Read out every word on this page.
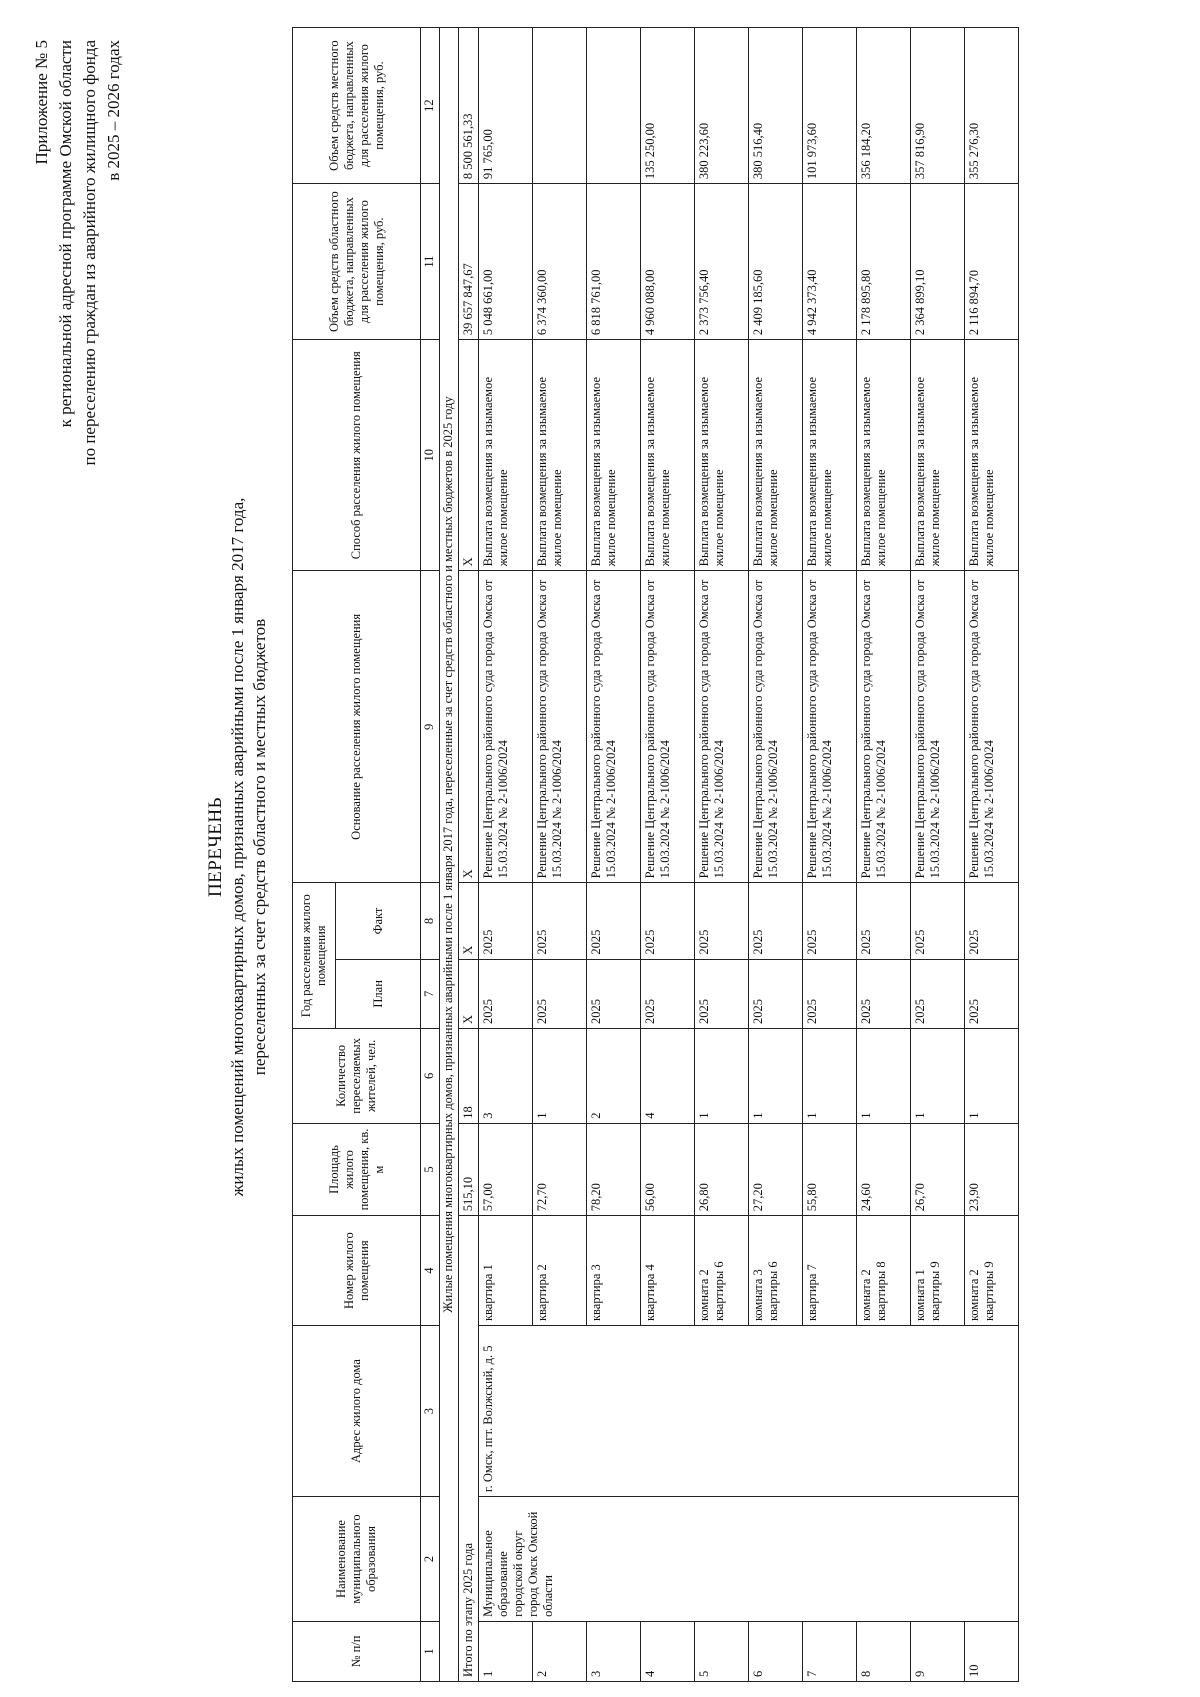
Приложение № 5 к региональной адресной программе Омской области по переселению граждан из аварийного жилищного фонда в 2025 – 2026 годах
ПЕРЕЧЕНЬ жилых помещений многоквартирных домов, признанных аварийными после 1 января 2017 года, переселенных за счет средств областного и местных бюджетов
№ п/п	Наименование муниципального образования	Адрес жилого дома	Номер жилого помещения	Площадь жилого помещения, кв. м	Количество переселяемых жителей, чел.	Год расселения жилого помещения		Основание расселения жилого помещения	Способ расселения жилого помещения	Объем средств областного бюджета, направленных для расселения жилого помещения, руб.	Объем средств местного бюджета, направленных для расселения жилого помещения, руб.
						План	Факт				
1	2	3	4	5	6	7	8	9	10	11	12
Жилые помещения многоквартирных домов, признанных аварийными после 1 января 2017 года, переселенные за счет средств областного и местных бюджетов в 2025 году											
Итого по этапу 2025 года				515,10	18	X	X	X	X	39 657 847,67	8 500 561,33
1	Муниципальное образование городской округ город Омск Омской области	г. Омск, пгт. Волжский, д. 5	квартира 1	57,00	3	2025	2025	Решение Центрального районного суда города Омска от 15.03.2024 № 2-1006/2024	Выплата возмещения за изымаемое жилое помещение	5 048 661,00	91 765,00
2			квартира 2	72,70	1	2025	2025	Решение Центрального районного суда города Омска от 15.03.2024 № 2-1006/2024	Выплата возмещения за изымаемое жилое помещение	6 374 360,00	
3			квартира 3	78,20	2	2025	2025	Решение Центрального районного суда города Омска от 15.03.2024 № 2-1006/2024	Выплата возмещения за изымаемое жилое помещение	6 818 761,00	
4			квартира 4	56,00	4	2025	2025	Решение Центрального районного суда города Омска от 15.03.2024 № 2-1006/2024	Выплата возмещения за изымаемое жилое помещение	4 960 088,00	135 250,00
5			комната 2 квартиры 6	26,80	1	2025	2025	Решение Центрального районного суда города Омска от 15.03.2024 № 2-1006/2024	Выплата возмещения за изымаемое жилое помещение	2 373 756,40	380 223,60
6			комната 3 квартиры 6	27,20	1	2025	2025	Решение Центрального районного суда города Омска от 15.03.2024 № 2-1006/2024	Выплата возмещения за изымаемое жилое помещение	2 409 185,60	380 516,40
7			квартира 7	55,80	1	2025	2025	Решение Центрального районного суда города Омска от 15.03.2024 № 2-1006/2024	Выплата возмещения за изымаемое жилое помещение	4 942 373,40	101 973,60
8			комната 2 квартиры 8	24,60	1	2025	2025	Решение Центрального районного суда города Омска от 15.03.2024 № 2-1006/2024	Выплата возмещения за изымаемое жилое помещение	2 178 895,80	356 184,20
9			комната 1 квартиры 9	26,70	1	2025	2025	Решение Центрального районного суда города Омска от 15.03.2024 № 2-1006/2024	Выплата возмещения за изымаемое жилое помещение	2 364 899,10	357 816,90
10			комната 2 квартиры 9	23,90	1	2025	2025	Решение Центрального районного суда города Омска от 15.03.2024 № 2-1006/2024	Выплата возмещения за изымаемое жилое помещение	2 116 894,70	355 276,30
